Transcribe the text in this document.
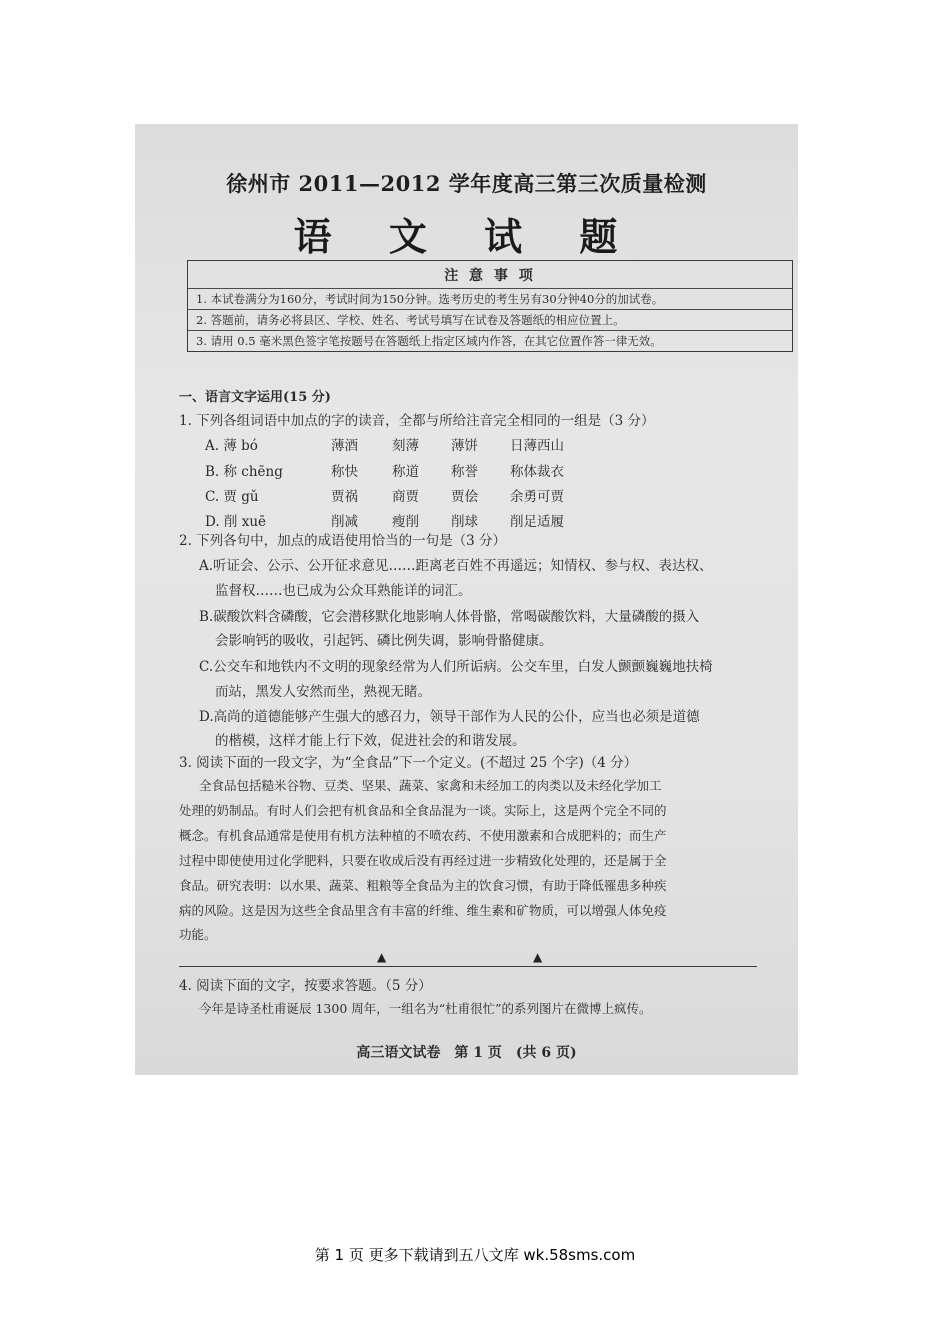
徐州市 2011—2012 学年度高三第三次质量检测
语 文 试 题
注 意 事 项
1. 本试卷满分为160分，考试时间为150分钟。选考历史的考生另有30分钟40分的加试卷。
2. 答题前，请务必将县区、学校、姓名、考试号填写在试卷及答题纸的相应位置上。
3. 请用 0.5 毫米黑色签字笔按题号在答题纸上指定区域内作答，在其它位置作答一律无效。
一、语言文字运用(15 分)
1. 下列各组词语中加点的字的读音，全都与所给注音完全相同的一组是（3 分）
A. 薄 bó	薄酒	刻薄 薄饼 日薄西山
B. 称 chēng	称快	称道 称誉 称体裁衣
C. 贾 gǔ	贾祸	商贾 贾侩 余勇可贾
D. 削 xuē	削减	瘦削 削球 削足适履
2. 下列各句中，加点的成语使用恰当的一句是（3 分）
A.听证会、公示、公开征求意见……距离老百姓不再遥远；知情权、参与权、表达权、
监督权……也已成为公众耳熟能详的词汇。
B.碳酸饮料含磷酸，它会潜移默化地影响人体骨骼，常喝碳酸饮料，大量磷酸的摄入
会影响钙的吸收，引起钙、磷比例失调，影响骨骼健康。
C.公交车和地铁内不文明的现象经常为人们所诟病。公交车里，白发人颤颤巍巍地扶椅
而站，黑发人安然而坐，熟视无睹。
D.高尚的道德能够产生强大的感召力，领导干部作为人民的公仆，应当也必须是道德
的楷模，这样才能上行下效，促进社会的和谐发展。
3. 阅读下面的一段文字，为“全食品”下一个定义。(不超过 25 个字)（4 分）
全食品包括糙米谷物、豆类、坚果、蔬菜、家禽和未经加工的肉类以及未经化学加工
处理的奶制品。有时人们会把有机食品和全食品混为一谈。实际上，这是两个完全不同的
概念。有机食品通常是使用有机方法种植的不喷农药、不使用激素和合成肥料的；而生产
过程中即使使用过化学肥料，只要在收成后没有再经过进一步精致化处理的，还是属于全
食品。研究表明：以水果、蔬菜、粗粮等全食品为主的饮食习惯，有助于降低罹患多种疾
病的风险。这是因为这些全食品里含有丰富的纤维、维生素和矿物质，可以增强人体免疫
功能。
▲	▲
4. 阅读下面的文字，按要求答题。（5 分）
今年是诗圣杜甫诞辰 1300 周年，一组名为“杜甫很忙”的系列图片在微博上疯传。
高三语文试卷　第 1 页　(共 6 页)
第 1 页 更多下载请到五八文库 wk.58sms.com
